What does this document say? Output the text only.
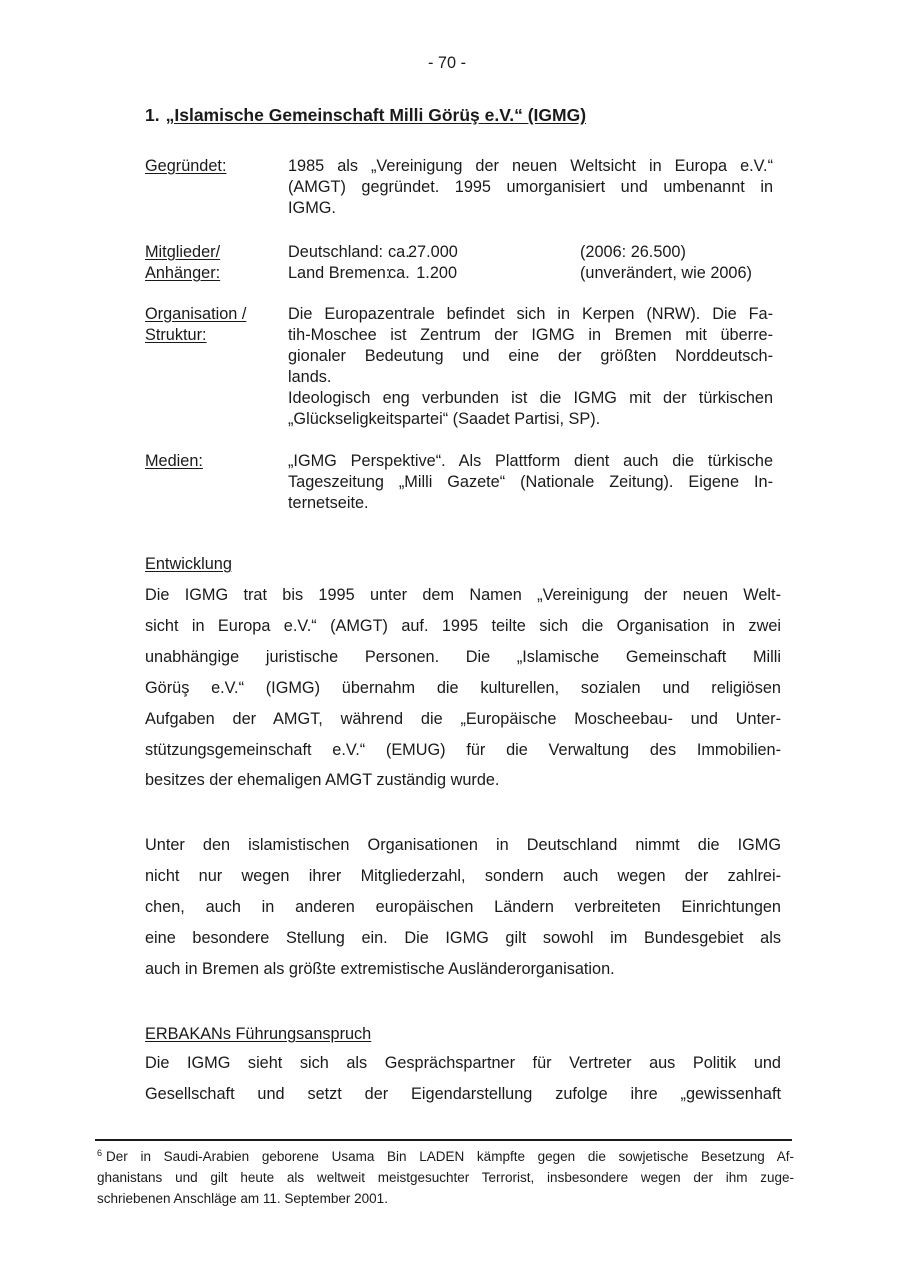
- 70 -
1. „Islamische Gemeinschaft Milli Görüş e.V.“ (IGMG)
Gegründet:	1985 als „Vereinigung der neuen Weltsicht in Europa e.V.“
(AMGT) gegründet. 1995 umorganisiert und umbenannt in
IGMG.
Mitglieder/
Anhänger:
Deutschland: ca.27.000	(2006: 26.500)
Land Bremen:ca. 1.200	(unverändert, wie 2006)
Organisation /
Struktur:
Die Europazentrale befindet sich in Kerpen (NRW). Die Fa-
tih-Moschee ist Zentrum der IGMG in Bremen mit überre-
gionaler Bedeutung und eine der größten Norddeutsch-
lands.
Ideologisch eng verbunden ist die IGMG mit der türkischen
„Glückseligkeitspartei“ (Saadet Partisi, SP).
Medien:	„IGMG Perspektive“. Als Plattform dient auch die türkische
Tageszeitung „Milli Gazete“ (Nationale Zeitung). Eigene In-
ternetseite.
Entwicklung
Die IGMG trat bis 1995 unter dem Namen „Vereinigung der neuen Welt-
sicht in Europa e.V.“ (AMGT) auf. 1995 teilte sich die Organisation in zwei
unabhängige juristische Personen. Die „Islamische Gemeinschaft Milli
Görüş e.V.“ (IGMG) übernahm die kulturellen, sozialen und religiösen
Aufgaben der AMGT, während die „Europäische Moscheebau- und Unter-
stützungsgemeinschaft e.V.“ (EMUG) für die Verwaltung des Immobilien-
besitzes der ehemaligen AMGT zuständig wurde.
Unter den islamistischen Organisationen in Deutschland nimmt die IGMG
nicht nur wegen ihrer Mitgliederzahl, sondern auch wegen der zahlrei-
chen, auch in anderen europäischen Ländern verbreiteten Einrichtungen
eine besondere Stellung ein. Die IGMG gilt sowohl im Bundesgebiet als
auch in Bremen als größte extremistische Ausländerorganisation.
ERBAKANs Führungsanspruch
Die IGMG sieht sich als Gesprächspartner für Vertreter aus Politik und
Gesellschaft und setzt der Eigendarstellung zufolge ihre „gewissenhaft
$^6$ Der in Saudi-Arabien geborene Usama Bin LADEN kämpfte gegen die sowjetische Besetzung Af-
ghanistans und gilt heute als weltweit meistgesuchter Terrorist, insbesondere wegen der ihm zuge-
schriebenen Anschläge am 11. September 2001.
